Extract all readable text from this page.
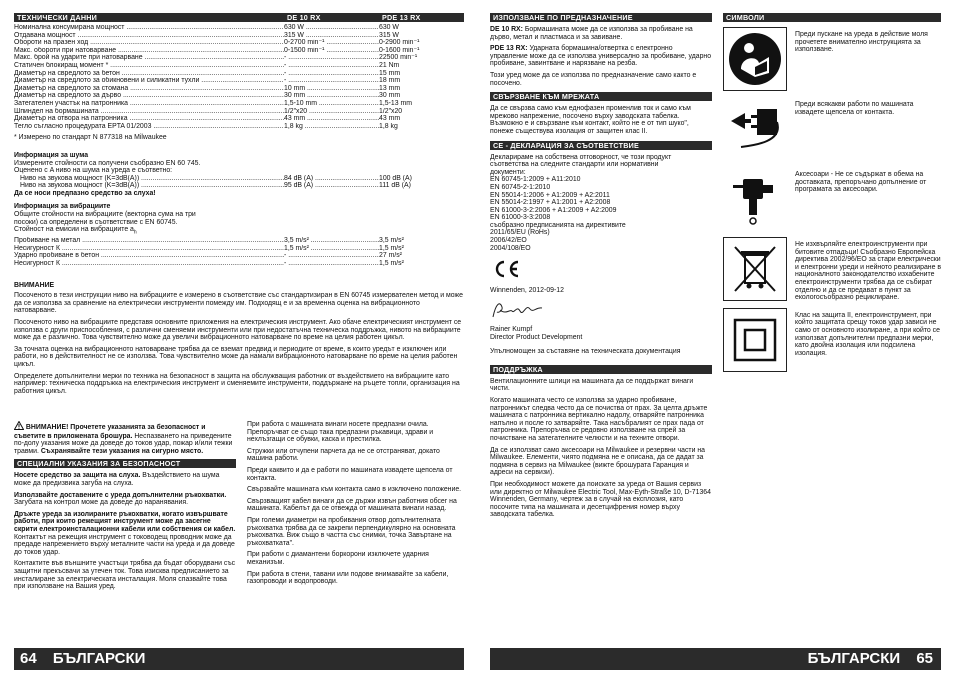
ТЕХНИЧЕСКИ ДАННИ	DE 10 RX	PDE 13 RX
Номинална консумирана мощност .....	630 W .....	630 W
Отдавана мощност .....	315 W .....	315 W
Обороти на празен ход .....	0-2700 min⁻¹ .....	0-2900 min⁻¹
Макс. обороти при натоварване .....	0-1500 min⁻¹ .....	0-1600 min⁻¹
Макс. брой на ударите при натоварване .....	- .....	22500 min⁻¹
Статичен блокиращ момент * .....	- .....	21 Nm
Диаметър на свредлото за бетон .....	- .....	15 mm
Диаметър на свредлото за обикновени и силикатни тухли .....	- .....	18 mm
Диаметър на свредлото за стомана .....	10 mm .....	13 mm
Диаметър на свредлото за дърво .....	30 mm .....	30 mm
Затегателен участък на патронника .....	1,5-10 mm .....	1,5-13 mm
Шпиндел на бормашината .....	1/2"x20 .....	1/2"x20
Диаметър на отвора на патронника .....	43 mm .....	43 mm
Тегло съгласно процедурата EPTA 01/2003 .....	1,8 kg .....	1,8 kg
* Измерено по стандарт N 877318 на Milwaukee
Информация за шума
Измерените стойности са получени съобразно EN 60 745.
Оценено с A ниво на шума на уреда е съответно:
Ниво на звукова мощност (K=3dB(A)) .....	84 dB (A) .....	100 dB (A)
Ниво на звукова мощност (K=3dB(A)) .....	95 dB (A) .....	111 dB (A)
Да се носи предпазно средство за слуха!
Информация за вибрациите
Общите стойности на вибрациите (векторна сума на три
посоки) са определени в съответствие с EN 60745.
Стойност на емисии на вибрациите $a_h$
Пробиване на метал .....	3,5 m/s² .....	3,5 m/s²
Несигурност К .....	1,5 m/s² .....	1,5 m/s²
Ударно пробиване в бетон .....	- .....	27 m/s²
Несигурност К .....	- .....	1,5 m/s²
ВНИМАНИЕ

Посоченото в тези инструкции ниво на вибрациите е измерено в съответствие със стандартизиран в EN 60745 измервателен метод и може да се използва за сравнение на електрически инструменти помежду им. Подходящ е и за временна оценка на вибрационното натоварване.

Посоченото ниво на вибрациите представя основните приложения на електрическия инструмент. Ако обаче електрическият инструмент се използва с други приспособления, с различни сменяеми инструменти или при недостатъчна техническа поддръжка, нивото на вибрациите може да е различно. Това чувствително може да увеличи вибрационното натоварване по време на целия работен цикъл.

За точната оценка на вибрационното натоварване трябва да се вземат предвид и периодите от време, в които уредът е изключен или работи, но в действителност не се използва. Това чувствително може да намали вибрационното натоварване по време на целия работен цикъл.

Определете допълнителни мерки по техника на безопасност в защита на обслужващия работник от въздействието на вибрациите като например: техническа поддръжка на електрическия инструмент и сменяемите инструменти, поддържане на ръцете топли, организация на работния цикъл.

ВНИМАНИЕ! Прочетете указанията за безопасност и съветите в приложената брошура. Неспазването на приведените по-долу указания може да доведе до токов удар, пожар и/или тежки травми. Съхранявайте тези указания на сигурно място.

СПЕЦИАЛНИ УКАЗАНИЯ ЗА БЕЗОПАСНОСТ

Носете средство за защита на слуха. Въздействието на шума може да предизвика загуба на слуха.

Използвайте доставените с уреда допълнителни ръкохватки. Загубата на контрол може да доведе до наранявания.

Дръжте уреда за изолираните ръкохватки, когато извършвате работи, при които режещият инструмент може да засегне скрити електроинсталационни кабели или собствения си кабел. Контактът на режещия инструмент с тоководещ проводник може да предаде напрежението върху металните части на уреда и да доведе до токов удар.

Контактите във външните участъци трябва да бъдат оборудвани със защитни прекъсвачи за утечен ток. Това изисква предписанието за инсталиране за електрическата инсталация. Моля спазвайте това при използване на Вашия уред.

При работа с машината винаги носете предпазни очила. Препоръчват се също така предпазни ръкавици, здрави и нехлъзгащи се обувки, каска и престилка.

Стружки или отчупени парчета да не се отстраняват, докато машина работи.

Преди каквито и да е работи по машината извадете щепсела от контакта.

Свързвайте машината към контакта само в изключено положение.

Свързващият кабел винаги да се държи извън работния обсег на машината. Кабелът да се отвежда от машината винаги назад.

При големи диаметри на пробивания отвор допълнителната ръкохватка трябва да се закрепи перпендикулярно на основната ръкохватка. Виж също в частта със снимки, точка Завъртане на ръкохватката".

При работи с диамантени боркорони изключете ударния механизъм.

При работа в стени, тавани или подове внимавайте за кабели, газопроводи и водопроводи.

64 БЪЛГАРСКИ
ИЗПОЛЗВАНЕ ПО ПРЕДНАЗНАЧЕНИЕ

DE 10 RX: Бормашината може да се използва за пробиване на дърво, метал и пластмаса и за завиване.

PDE 13 RX: Ударната бормашина/отвертка с електронно управление може да се използва универсално за пробиване, ударно пробиване, завинтване и нарязване на резба.

Този уред може да се използва по предназначение само както е посочено.

СВЪРЗВАНЕ КЪМ МРЕЖАТА

Да се свързва само към еднофазен променлив ток и само към мрежово напрежение, посочено върху заводската табелка. Възможно е и свързване към контакт, който не е от тип шуко", понеже съществува изолация от защитен клас II.

СЕ - ДЕКЛАРАЦИЯ ЗА СЪОТВЕТСТВИЕ
Декларираме на собствена отговорност, че този продукт
съответства на следните стандарти или нормативни
документи:
EN 60745-1:2009 + A11:2010
EN 60745-2-1:2010
EN 55014-1:2006 + A1:2009 + A2:2011
EN 55014-2:1997 + A1:2001 + A2:2008
EN 61000-3-2:2006 + A1:2009 + A2:2009
EN 61000-3-3:2008
съобразно предписанията на директивите
2011/65/EU (RoHs)
2006/42/EO
2004/108/EO
Winnenden, 2012-09-12
Rainer Kumpf
Director Product Development
Упълномощен за съставяне на техническата документация
ПОДДРЪЖКА

Вентилационните шлици на машината да се поддържат винаги чисти.

Когато машината често се използва за ударно пробиване, патронникът следва често да се почиства от прах. За целта дръжте машината с патронника вертикално надолу, отваряйте патронника напълно и после го затваряйте. Така насъбралият се прах пада от патронника. Препоръчва се редовно използване на спрей за почистване на затегателните челюсти и на техните отвори.

Да се използват само аксесоари на Milwaukee и резервни части на Milwaukee. Елементи, чиято подмяна не е описана, да се дадат за подмяна в сервиз на Milwaukee (вижте брошурата Гаранция и адреси на сервизи).

При необходимост можете да поискате за уреда от Вашия сервиз или директно от Milwaukee Electric Tool, Max-Eyth-Straße 10, D-71364 Winnenden, Germany, чертеж за в случай на експлозия, като посочите типа на машината и десетцифрения номер върху заводската табелка.

СИМВОЛИ
Преди пускане на уреда в действие моля прочетете внимателно инструкцията за използване.
Преди всякакви работи по машината извадете щепсела от контакта.
Аксесоари - Не се съдържат в обема на доставката, препоръчано допълнение от програмата за аксесоари.
Не изхвърляйте електроинструменти при битовите отпадъци! Съобразно Европейска директива 2002/96/ЕО за стари електрически и електронни уреди и нейното реализиране в националното законодателство изхабените електроинструменти трябва да се събират отделно и да се предават в пункт за екологосъобразно рециклиране.
Клас на защита II, електроинструмент, при който защитата срещу токов удар зависи не само от основното изолиране, а при който се използват допълнителни предпазни мерки, като двойна изолация или подсилена изолация.
БЪЛГАРСКИ 65
